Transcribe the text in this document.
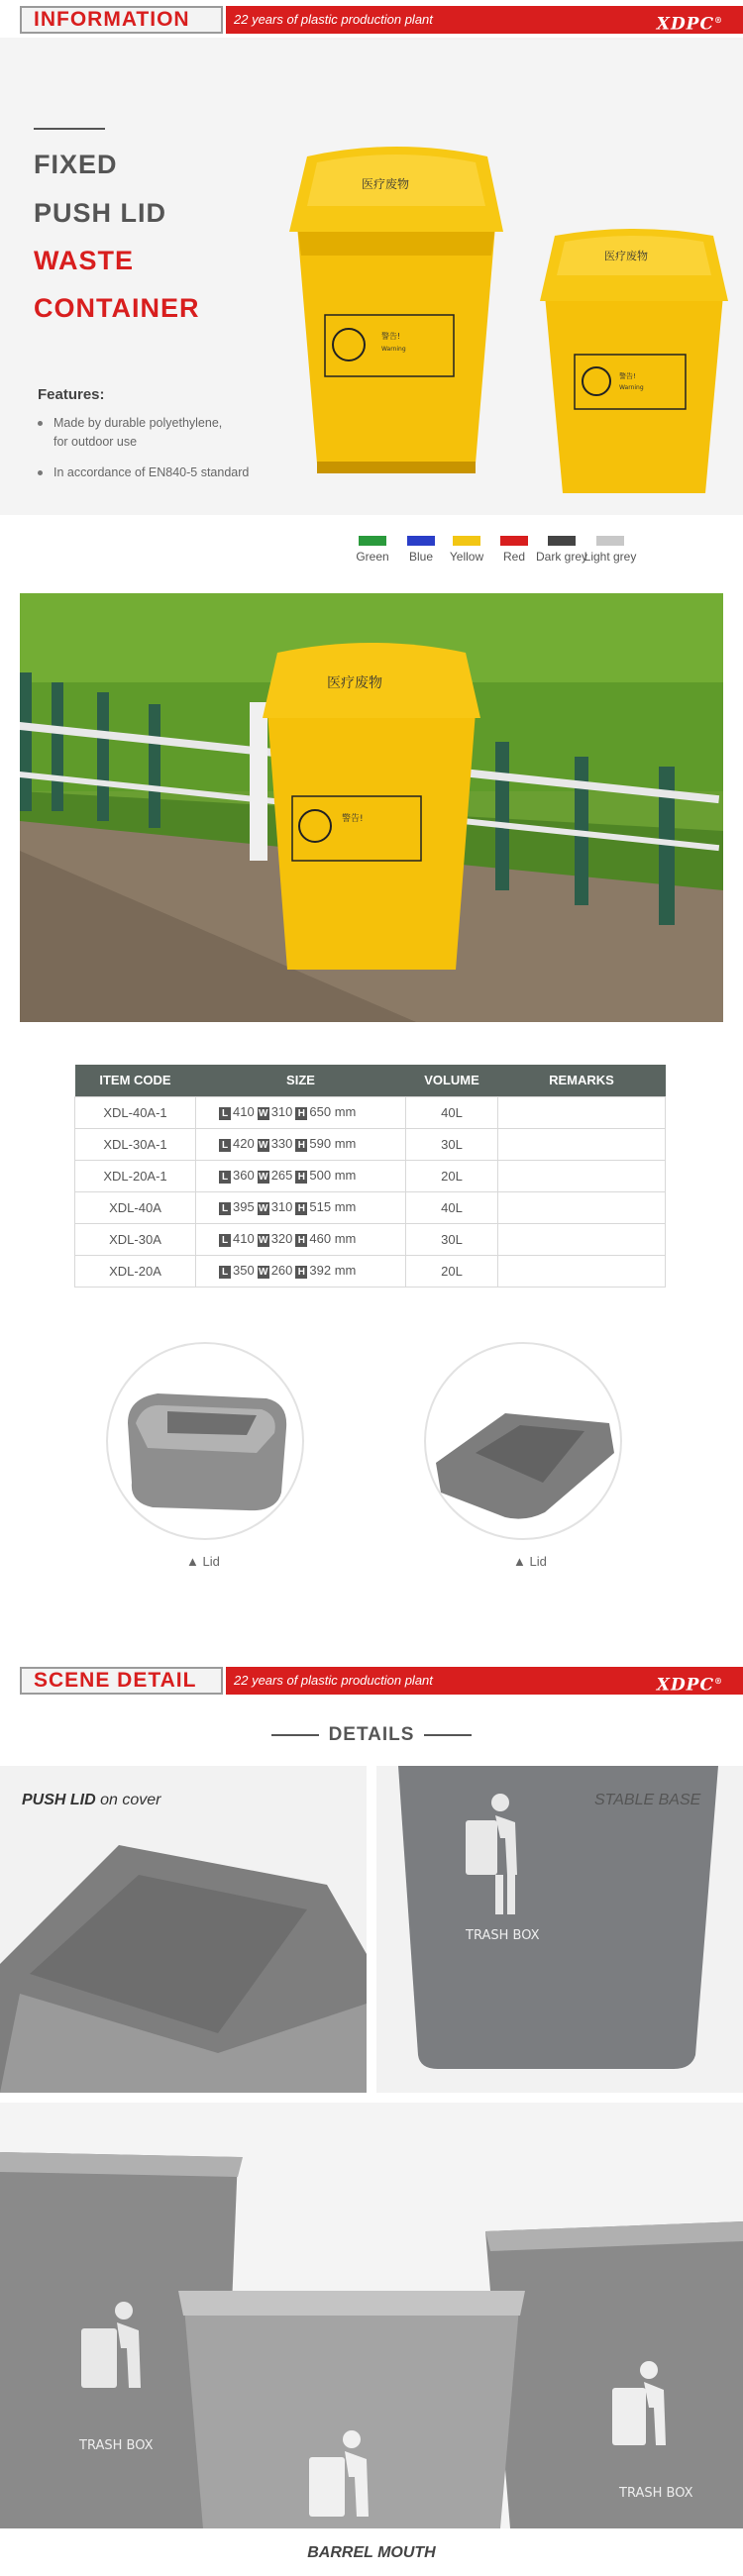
INFORMATION	22 years of plastic production plant	XDPC®
FIXED
PUSH LID
WASTE
CONTAINER
Features:
Made by durable polyethylene,
for outdoor use
In accordance of EN840-5 standard
医疗废物
警告!
Warning
医疗废物
警告!
Warning
Green	Blue	Yellow	Red Dark grey
Light grey
医疗废物
警告!
ITEM CODE	SIZE	VOLUME	REMARKS
XDL-40A-1	L 410 W 310 H 650 mm	40L	
XDL-30A-1	L 420 W 330 H 590 mm	30L	
XDL-20A-1	L 360 W 265 H 500 mm	20L	
XDL-40A	L 395 W 310 H 515 mm	40L	
XDL-30A	L 410 W 320 H 460 mm	30L	
XDL-20A	L 350 W 260 H 392 mm	20L	
▲ Lid	▲ Lid
SCENE DETAIL	22 years of plastic production plant	XDPC®
DETAILS
PUSH LID on cover
TRASH BOX
STABLE BASE
TRASH BOX
TRASH BOX
BARREL MOUTH
